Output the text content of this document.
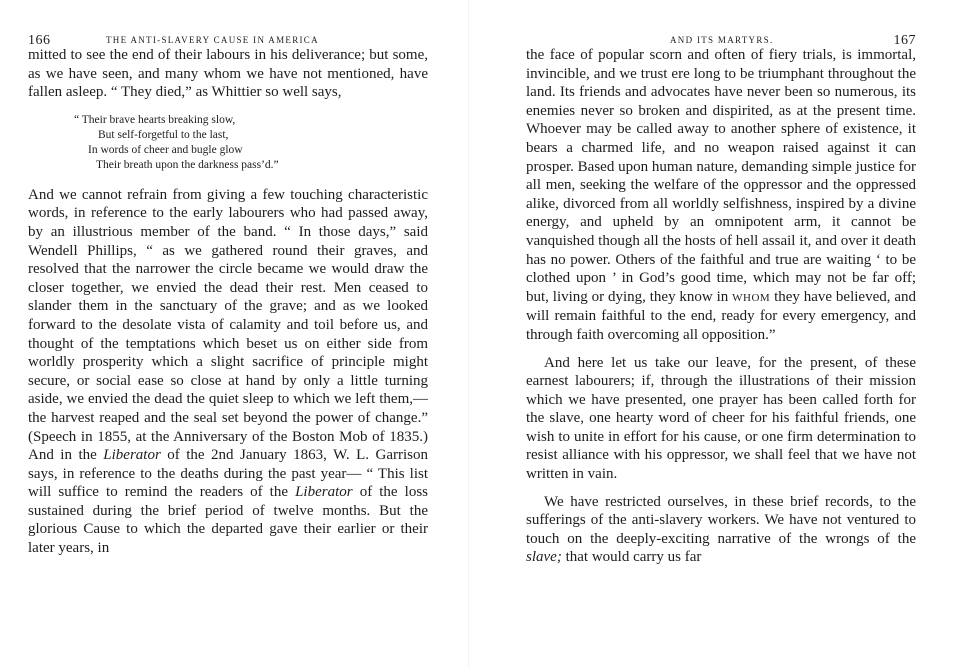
166	THE ANTI-SLAVERY CAUSE IN AMERICA

mitted to see the end of their labours in his deliverance; but some, as we have seen, and many whom we have not mentioned, have fallen asleep. “ They died,” as Whittier so well says,

“ Their brave hearts breaking slow,
But self-forgetful to the last,
In words of cheer and bugle glow
Their breath upon the darkness pass’d.”

And we cannot refrain from giving a few touching characteristic words, in reference to the early labourers who had passed away, by an illustrious member of the band. “ In those days,” said Wendell Phillips, “ as we gathered round their graves, and resolved that the narrower the circle became we would draw the closer together, we envied the dead their rest. Men ceased to slander them in the sanctuary of the grave; and as we looked forward to the desolate vista of calamity and toil before us, and thought of the temptations which beset us on either side from worldly prosperity which a slight sacrifice of principle might secure, or social ease so close at hand by only a little turning aside, we envied the dead the quiet sleep to which we left them,—the harvest reaped and the seal set beyond the power of change.” (Speech in 1855, at the Anniversary of the Boston Mob of 1835.) And in the Liberator of the 2nd January 1863, W. L. Garrison says, in reference to the deaths during the past year— “ This list will suffice to remind the readers of the Liberator of the loss sustained during the brief period of twelve months. But the glorious Cause to which the departed gave their earlier or their later years, in

AND ITS MARTYRS.	167

the face of popular scorn and often of fiery trials, is immortal, invincible, and we trust ere long to be triumphant throughout the land. Its friends and advocates have never been so numerous, its enemies never so broken and dispirited, as at the present time. Whoever may be called away to another sphere of existence, it bears a charmed life, and no weapon raised against it can prosper. Based upon human nature, demanding simple justice for all men, seeking the welfare of the oppressor and the oppressed alike, divorced from all worldly selfishness, inspired by a divine energy, and upheld by an omnipotent arm, it cannot be vanquished though all the hosts of hell assail it, and over it death has no power. Others of the faithful and true are waiting ‘ to be clothed upon ’ in God’s good time, which may not be far off; but, living or dying, they know in WHOM they have believed, and will remain faithful to the end, ready for every emergency, and through faith overcoming all opposition.”

And here let us take our leave, for the present, of these earnest labourers; if, through the illustrations of their mission which we have presented, one prayer has been called forth for the slave, one hearty word of cheer for his faithful friends, one wish to unite in effort for his cause, or one firm determination to resist alliance with his oppressor, we shall feel that we have not written in vain.

We have restricted ourselves, in these brief records, to the sufferings of the anti-slavery workers. We have not ventured to touch on the deeply-exciting narrative of the wrongs of the slave; that would carry us far
